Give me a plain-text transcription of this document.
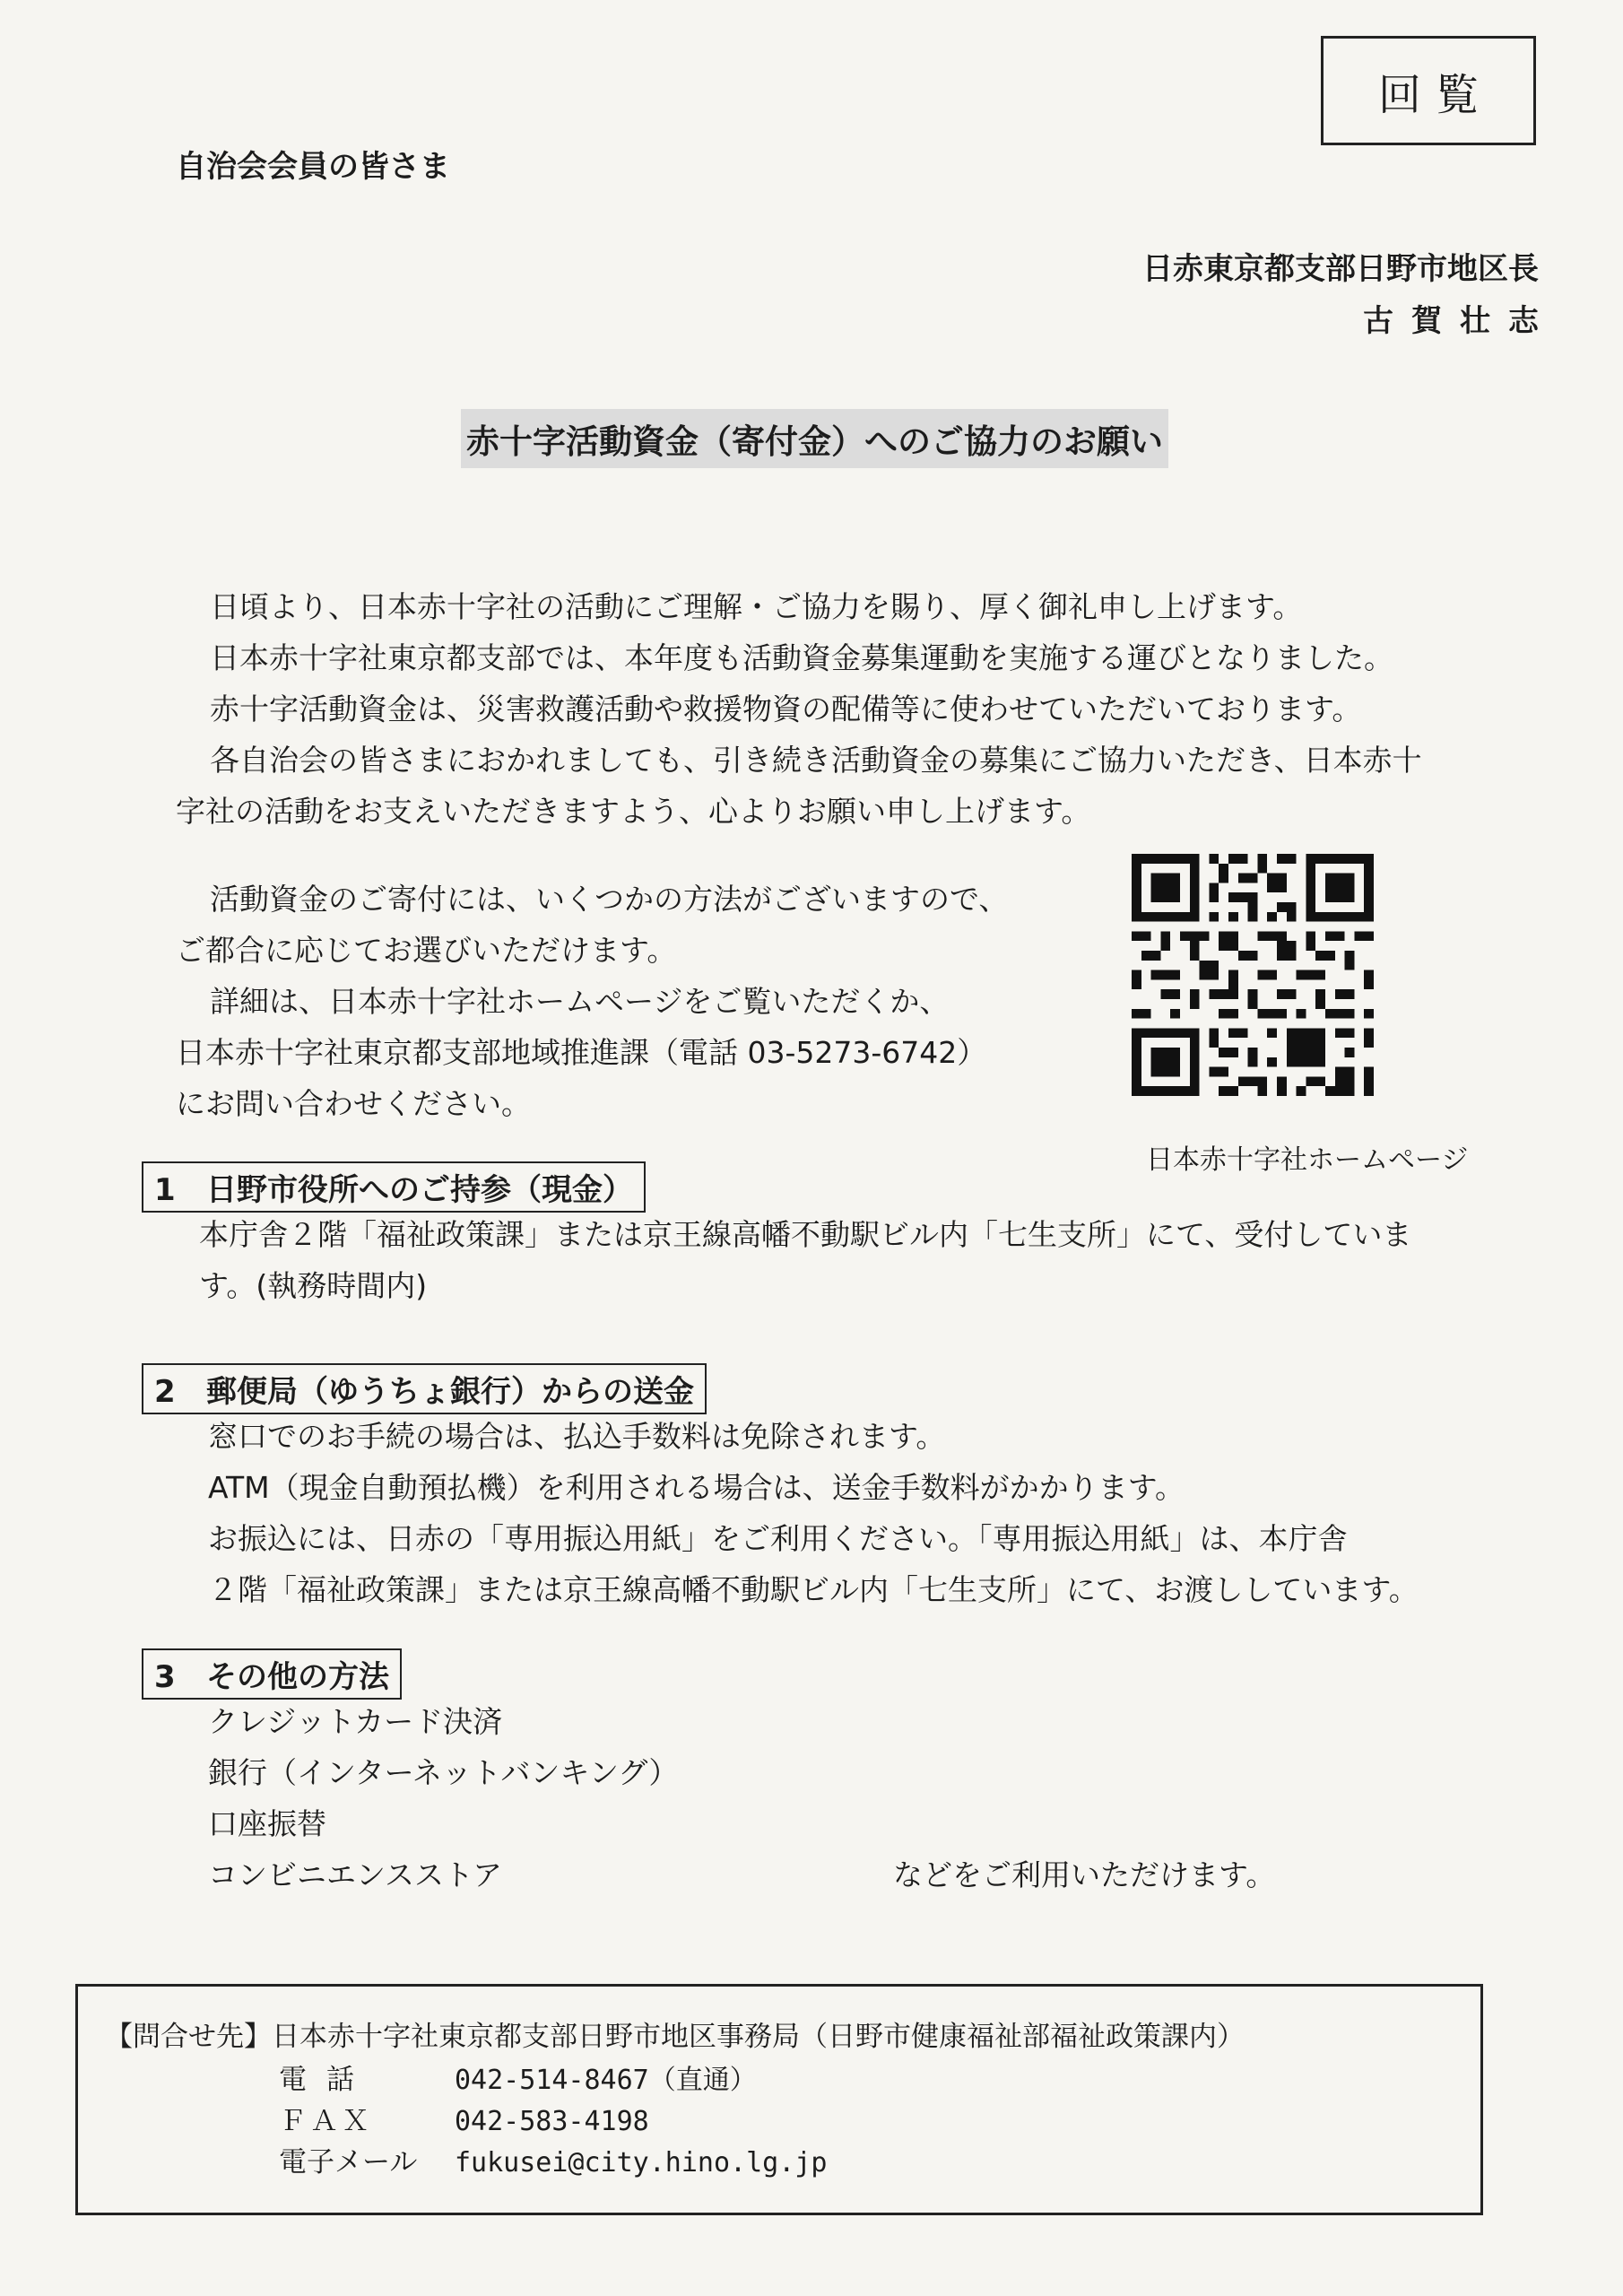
回覧
自治会会員の皆さま
日赤東京都支部日野市地区長
古賀壮志
赤十字活動資金（寄付金）へのご協力のお願い
日頃より、日本赤十字社の活動にご理解・ご協力を賜り、厚く御礼申し上げます。
日本赤十字社東京都支部では、本年度も活動資金募集運動を実施する運びとなりました。
赤十字活動資金は、災害救護活動や救援物資の配備等に使わせていただいております。
各自治会の皆さまにおかれましても、引き続き活動資金の募集にご協力いただき、日本赤十
字社の活動をお支えいただきますよう、心よりお願い申し上げます。
活動資金のご寄付には、いくつかの方法がございますので、
ご都合に応じてお選びいただけます。
詳細は、日本赤十字社ホームページをご覧いただくか、
日本赤十字社東京都支部地域推進課（電話 03-5273-6742）
にお問い合わせください。
日本赤十字社ホームページ
1 日野市役所へのご持参（現金）
本庁舎２階「福祉政策課」または京王線高幡不動駅ビル内「七生支所」にて、受付していま
す。(執務時間内)
2 郵便局（ゆうちょ銀行）からの送金
窓口でのお手続の場合は、払込手数料は免除されます。
ATM（現金自動預払機）を利用される場合は、送金手数料がかかります。
お振込には、日赤の「専用振込用紙」をご利用ください。「専用振込用紙」は、本庁舎
２階「福祉政策課」または京王線高幡不動駅ビル内「七生支所」にて、お渡ししています。
3 その他の方法
クレジットカード決済
銀行（インターネットバンキング）
口座振替
コンビニエンスストア	などをご利用いただけます。
【問合せ先】日本赤十字社東京都支部日野市地区事務局（日野市健康福祉部福祉政策課内）
電話	042-514-8467（直通）
ＦＡＸ	042-583-4198
電子メール fukusei@city.hino.lg.jp
